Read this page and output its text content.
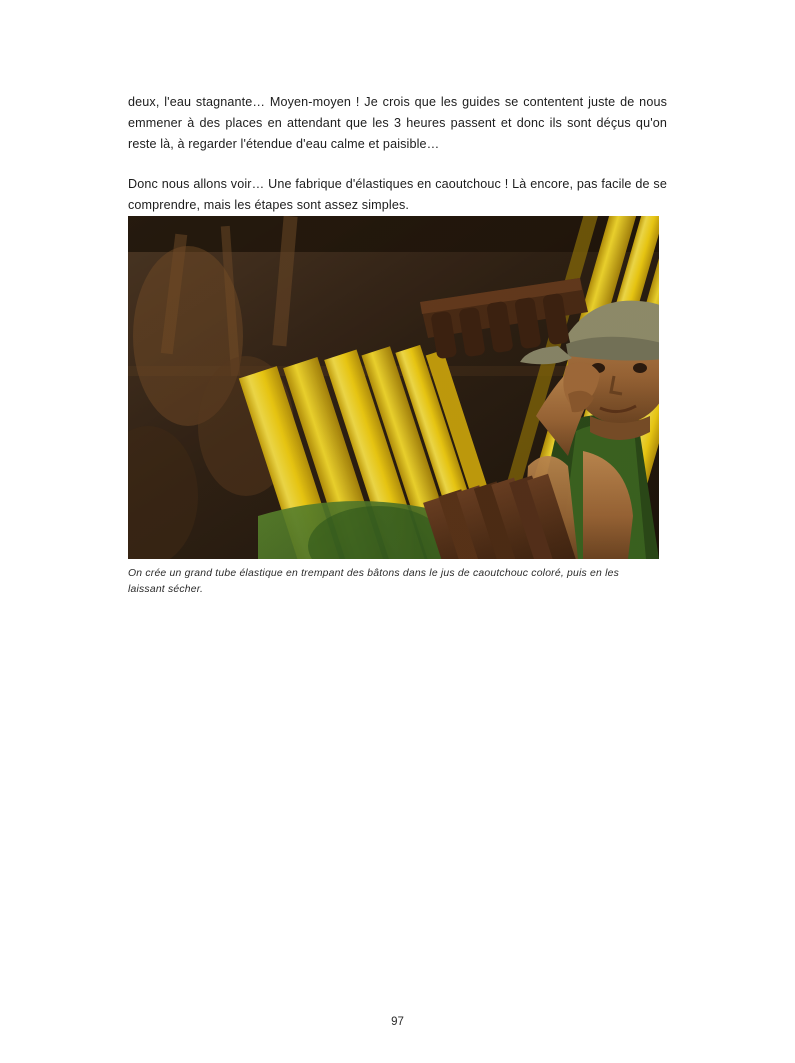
deux, l'eau stagnante… Moyen-moyen ! Je crois que les guides se contentent juste de nous emmener à des places en attendant que les 3 heures passent et donc ils sont déçus qu'on reste là, à regarder l'étendue d'eau calme et paisible…

Donc nous allons voir… Une fabrique d'élastiques en caoutchouc ! Là encore, pas facile de se comprendre, mais les étapes sont assez simples.

On crée un grand tube élastique en trempant des bâtons dans le jus de caoutchouc coloré, puis en les laissant sécher.
97
